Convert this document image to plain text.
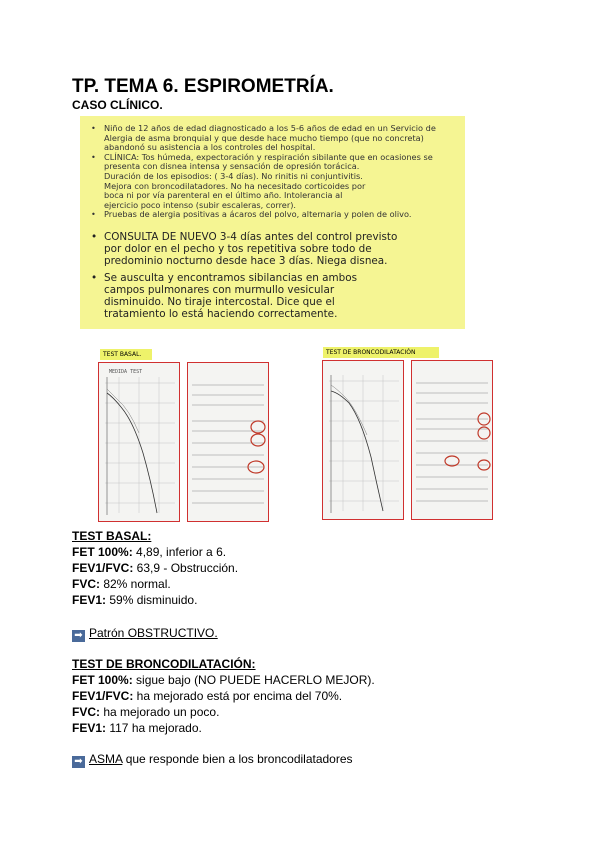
TP. TEMA 6. ESPIROMETRÍA.
CASO CLÍNICO.
• Niño de 12 años de edad diagnosticado a los 5-6 años de edad en un Servicio de
Alergia de asma bronquial y que desde hace mucho tiempo (que no concreta)
abandonó su asistencia a los controles del hospital.
• CLÍNICA: Tos húmeda, expectoración y respiración sibilante que en ocasiones se
presenta con disnea intensa y sensación de opresión torácica.
Duración de los episodios: ( 3-4 días). No rinitis ni conjuntivitis.
Mejora con broncodilatadores. No ha necesitado corticoides por
boca ni por vía parenteral en el último año. Intolerancia al
ejercicio poco intenso (subir escaleras, correr).
• Pruebas de alergia positivas a ácaros del polvo, alternaria y polen de olivo.
• CONSULTA DE NUEVO 3-4 días antes del control previsto
por dolor en el pecho y tos repetitiva sobre todo de
predominio nocturno desde hace 3 días. Niega disnea.
• Se ausculta y encontramos sibilancias en ambos
campos pulmonares con murmullo vesicular
disminuido. No tiraje intercostal. Dice que el
tratamiento lo está haciendo correctamente.
TEST BASAL.	TEST DE BRONCODILATACIÓN
MEDIDA TEST
TEST BASAL:
FET 100%: 4,89, inferior a 6.
FEV1/FVC: 63,9 - Obstrucción.
FVC: 82% normal.
FEV1: 59% disminuido.
➡ Patrón OBSTRUCTIVO.
TEST DE BRONCODILATACIÓN:
FET 100%: sigue bajo (NO PUEDE HACERLO MEJOR).
FEV1/FVC: ha mejorado está por encima del 70%.
FVC: ha mejorado un poco.
FEV1: 117 ha mejorado.
➡ ASMA que responde bien a los broncodilatadores
